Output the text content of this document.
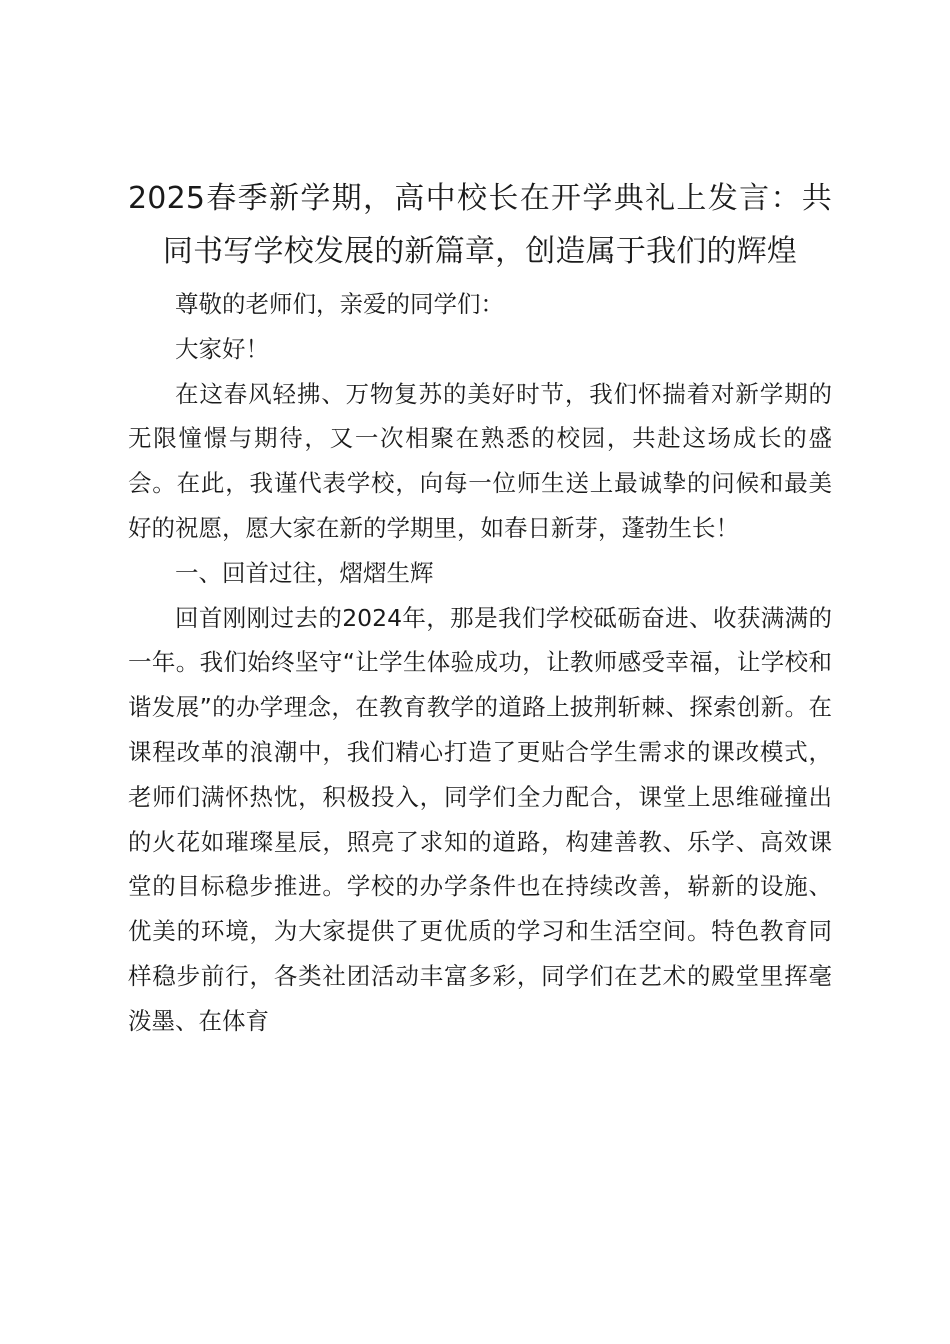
2025春季新学期，高中校长在开学典礼上发言：共同书写学校发展的新篇章，创造属于我们的辉煌

尊敬的老师们，亲爱的同学们：

大家好！

在这春风轻拂、万物复苏的美好时节，我们怀揣着对新学期的无限憧憬与期待，又一次相聚在熟悉的校园，共赴这场成长的盛会。在此，我谨代表学校，向每一位师生送上最诚挚的问候和最美好的祝愿，愿大家在新的学期里，如春日新芽，蓬勃生长！

一、回首过往，熠熠生辉

回首刚刚过去的2024年，那是我们学校砥砺奋进、收获满满的一年。我们始终坚守“让学生体验成功，让教师感受幸福，让学校和谐发展”的办学理念，在教育教学的道路上披荆斩棘、探索创新。在课程改革的浪潮中，我们精心打造了更贴合学生需求的课改模式，老师们满怀热忱，积极投入，同学们全力配合，课堂上思维碰撞出的火花如璀璨星辰，照亮了求知的道路，构建善教、乐学、高效课堂的目标稳步推进。学校的办学条件也在持续改善，崭新的设施、优美的环境，为大家提供了更优质的学习和生活空间。特色教育同样稳步前行，各类社团活动丰富多彩，同学们在艺术的殿堂里挥毫泼墨、在体育
